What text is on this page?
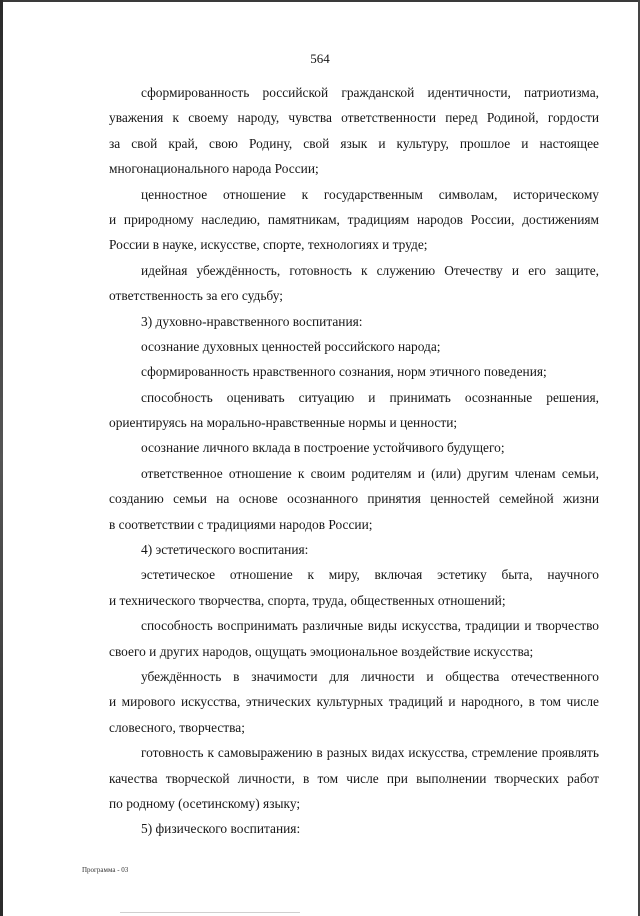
564
сформированность российской гражданской идентичности, патриотизма,
уважения к своему народу, чувства ответственности перед Родиной, гордости
за свой край, свою Родину, свой язык и культуру, прошлое и настоящее
многонационального народа России;
ценностное отношение к государственным символам, историческому
и природному наследию, памятникам, традициям народов России, достижениям
России в науке, искусстве, спорте, технологиях и труде;
идейная убеждённость, готовность к служению Отечеству и его защите,
ответственность за его судьбу;
3) духовно-нравственного воспитания:
осознание духовных ценностей российского народа;
сформированность нравственного сознания, норм этичного поведения;
способность оценивать ситуацию и принимать осознанные решения,
ориентируясь на морально-нравственные нормы и ценности;
осознание личного вклада в построение устойчивого будущего;
ответственное отношение к своим родителям и (или) другим членам семьи,
созданию семьи на основе осознанного принятия ценностей семейной жизни
в соответствии с традициями народов России;
4) эстетического воспитания:
эстетическое отношение к миру, включая эстетику быта, научного
и технического творчества, спорта, труда, общественных отношений;
способность воспринимать различные виды искусства, традиции и творчество
своего и других народов, ощущать эмоциональное воздействие искусства;
убеждённость в значимости для личности и общества отечественного
и мирового искусства, этнических культурных традиций и народного, в том числе
словесного, творчества;
готовность к самовыражению в разных видах искусства, стремление проявлять
качества творческой личности, в том числе при выполнении творческих работ
по родному (осетинскому) языку;
5) физического воспитания:
Программа - 03
